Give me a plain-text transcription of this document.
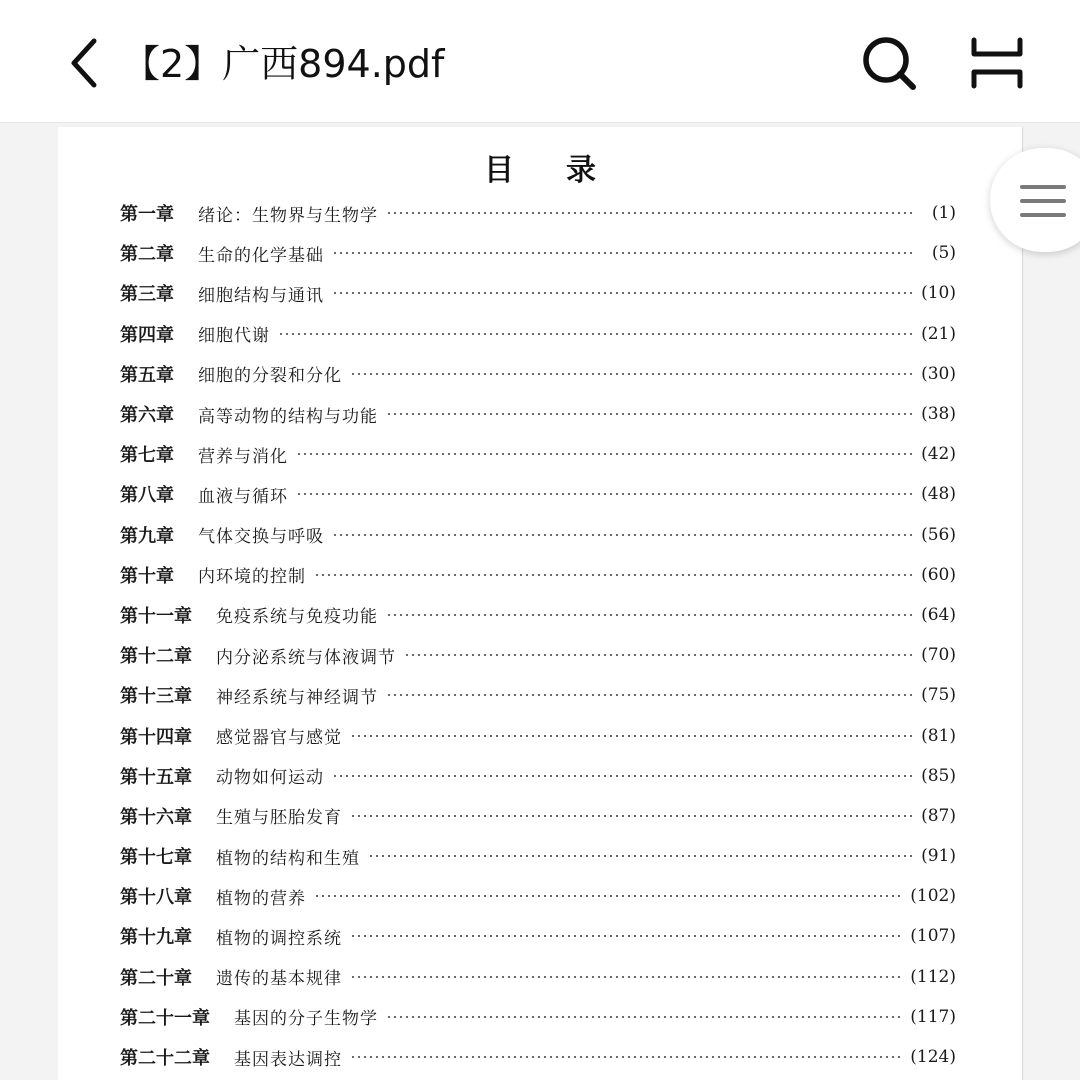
【2】广西894.pdf
目录
第一章 绪论：生物界与生物学	(1)
第二章 生命的化学基础	(5)
第三章 细胞结构与通讯	(10)
第四章 细胞代谢	(21)
第五章 细胞的分裂和分化	(30)
第六章 高等动物的结构与功能	(38)
第七章 营养与消化	(42)
第八章 血液与循环	(48)
第九章 气体交换与呼吸	(56)
第十章 内环境的控制	(60)
第十一章 免疫系统与免疫功能	(64)
第十二章 内分泌系统与体液调节	(70)
第十三章 神经系统与神经调节	(75)
第十四章 感觉器官与感觉	(81)
第十五章 动物如何运动	(85)
第十六章 生殖与胚胎发育	(87)
第十七章 植物的结构和生殖	(91)
第十八章 植物的营养	(102)
第十九章 植物的调控系统	(107)
第二十章 遗传的基本规律	(112)
第二十一章 基因的分子生物学	(117)
第二十二章 基因表达调控	(124)
